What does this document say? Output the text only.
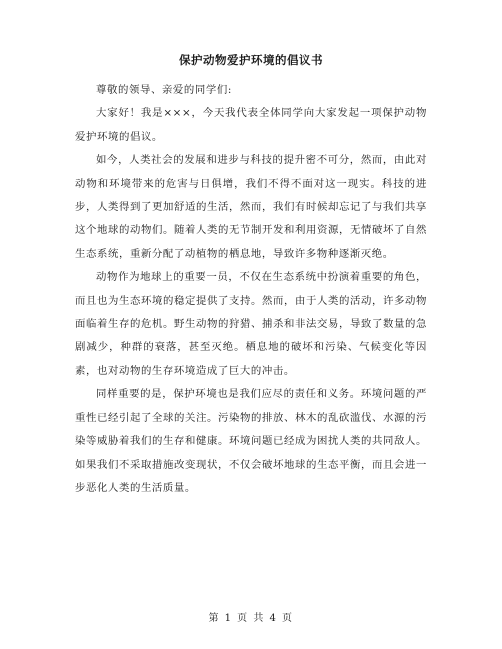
保护动物爱护环境的倡议书

尊敬的领导、亲爱的同学们:

大家好！我是×××，今天我代表全体同学向大家发起一项保护动物爱护环境的倡议。

如今，人类社会的发展和进步与科技的提升密不可分，然而，由此对动物和环境带来的危害与日俱增，我们不得不面对这一现实。科技的进步，人类得到了更加舒适的生活，然而，我们有时候却忘记了与我们共享这个地球的动物们。随着人类的无节制开发和利用资源，无情破坏了自然生态系统，重新分配了动植物的栖息地，导致许多物种逐渐灭绝。

动物作为地球上的重要一员，不仅在生态系统中扮演着重要的角色，而且也为生态环境的稳定提供了支持。然而，由于人类的活动，许多动物面临着生存的危机。野生动物的狩猎、捕杀和非法交易，导致了数量的急剧减少，种群的衰落，甚至灭绝。栖息地的破坏和污染、气候变化等因素，也对动物的生存环境造成了巨大的冲击。

同样重要的是，保护环境也是我们应尽的责任和义务。环境问题的严重性已经引起了全球的关注。污染物的排放、林木的乱砍滥伐、水源的污染等威胁着我们的生存和健康。环境问题已经成为困扰人类的共同敌人。如果我们不采取措施改变现状，不仅会破坏地球的生态平衡，而且会进一步恶化人类的生活质量。

第 1 页 共 4 页
